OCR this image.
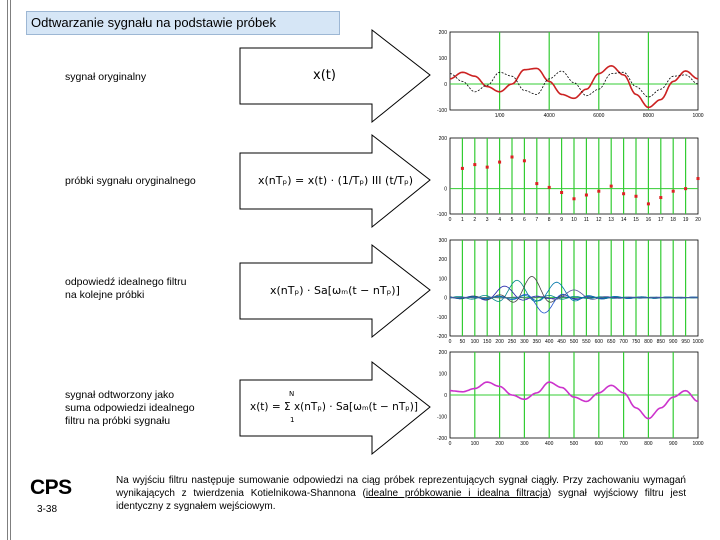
Odtwarzanie sygnału na podstawie próbek
sygnał oryginalny
próbki sygnału oryginalnego
odpowiedź idealnego filtru
na kolejne próbki
sygnał odtworzony jako
suma odpowiedzi idealnego
filtru na próbki sygnału
x(t)
x(nTₚ) = x(t) · (1/Tₚ) III (t/Tₚ)
x(nTₚ) · Sa[ωₘ(t − nTₚ)]
x(t) = Σ x(nTₚ) · Sa[ωₘ(t − nTₚ)]
N
1
200
100
0
-100
1/00	4000	6000	8000	1000
200
0
-100
0 1 2 3 4 5 6 7 8 9 10 11 12 13 14 15 16 17 18 19 20
300
200
100
0
-100
-200
0 50 100 150 200 250 300 350 400 450 500 550 600 650 700 750 800 850 900 950 1000
200
100
0
-100
-200
0	100	200	300	400	500	600	700	800	900	1000
CPS
3-38
Na wyjściu filtru następuje sumowanie odpowiedzi na ciąg próbek reprezentujących sygnał ciągły. Przy zachowaniu wymagań wynikających z twierdzenia Kotielnikowa-Shannona (idealne próbkowanie i idealna filtracja) sygnał wyjściowy filtru jest identyczny z sygnałem wejściowym.
